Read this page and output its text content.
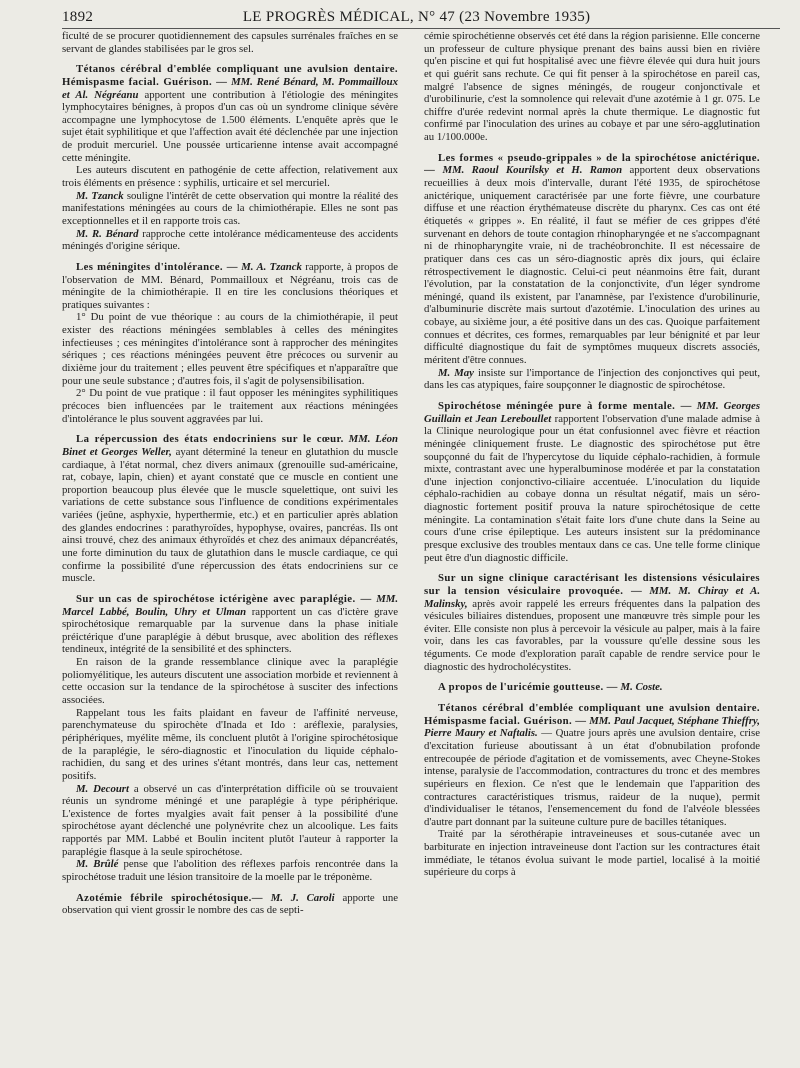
1892	LE PROGRÈS MÉDICAL, N° 47 (23 Novembre 1935)

ficulté de se procurer quotidiennement des capsules surrénales fraîches en se servant de glandes stabilisées par le gros sel.

Tétanos cérébral d'emblée compliquant une avulsion dentaire. Hémispasme facial. Guérison. — MM. René Bénard, M. Pommailloux et Al. Négréanu apportent une contribution à l'étiologie des méningites lymphocytaires bénignes, à propos d'un cas où un syndrome clinique sévère accompagne une lymphocytose de 1.500 éléments. L'enquête après que le sujet était syphilitique et que l'affection avait été déclenchée par une injection de produit mercuriel. Une poussée urticarienne intense avait accompagné cette méningite.

Les auteurs discutent en pathogénie de cette affection, relativement aux trois éléments en présence : syphilis, urticaire et sel mercuriel.

M. Tzanck souligne l'intérêt de cette observation qui montre la réalité des manifestations méningées au cours de la chimiothérapie. Elles ne sont pas exceptionnelles et il en rapporte trois cas.

M. R. Bénard rapproche cette intolérance médicamenteuse des accidents méningés d'origine sérique.

Les méningites d'intolérance. — M. A. Tzanck rapporte, à propos de l'observation de MM. Bénard, Pommailloux et Négréanu, trois cas de méningite de la chimiothérapie. Il en tire les conclusions théoriques et pratiques suivantes :

1° Du point de vue théorique : au cours de la chimiothérapie, il peut exister des réactions méningées semblables à celles des méningites infectieuses ; ces méningites d'intolérance sont à rapprocher des méningites sériques ; ces réactions méningées peuvent être précoces ou survenir au dixième jour du traitement ; elles peuvent être spécifiques et n'apparaître que pour une seule substance ; d'autres fois, il s'agit de polysensibilisation.

2° Du point de vue pratique : il faut opposer les méningites syphilitiques précoces bien influencées par le traitement aux réactions méningées d'intolérance le plus souvent aggravées par lui.

La répercussion des états endocriniens sur le cœur. MM. Léon Binet et Georges Weller, ayant déterminé la teneur en glutathion du muscle cardiaque, à l'état normal, chez divers animaux (grenouille sud-américaine, rat, cobaye, lapin, chien) et ayant constaté que ce muscle en contient une proportion beaucoup plus élevée que le muscle squelettique, ont suivi les variations de cette substance sous l'influence de conditions expérimentales variées (jeûne, asphyxie, hyperthermie, etc.) et en particulier après ablation des glandes endocrines : parathyroïdes, hypophyse, ovaires, pancréas. Ils ont ainsi trouvé, chez des animaux éthyroïdés et chez des animaux dépancréatés, une forte diminution du taux de glutathion dans le muscle cardiaque, ce qui confirme la possibilité d'une répercussion des états endocriniens sur ce muscle.

Sur un cas de spirochétose ictérigène avec paraplégie. — MM. Marcel Labbé, Boulin, Uhry et Ulman rapportent un cas d'ictère grave spirochétosique remarquable par la survenue dans la phase initiale préictérique d'une paraplégie à début brusque, avec abolition des réflexes tendineux, intégrité de la sensibilité et des sphincters.

En raison de la grande ressemblance clinique avec la paraplégie poliomyélitique, les auteurs discutent une association morbide et reviennent à cette occasion sur la tendance de la spirochétose à susciter des infections associées.

Rappelant tous les faits plaidant en faveur de l'affinité nerveuse, parenchymateuse du spirochète d'Inada et Ido : aréflexie, paralysies, périphériques, myélite même, ils concluent plutôt à l'origine spirochétosique de la paraplégie, le séro-diagnostic et l'inoculation du liquide céphalo-rachidien, du sang et des urines s'étant montrés, dans leur cas, nettement positifs.

M. Decourt a observé un cas d'interprétation difficile où se trouvaient réunis un syndrome méningé et une paraplégie à type périphérique. L'existence de fortes myalgies avait fait penser à la possibilité d'une spirochétose ayant déclenché une polynévrite chez un alcoolique. Les faits rapportés par MM. Labbé et Boulin incitent plutôt l'auteur à rapporter la paraplégie flasque à la seule spirochétose.

M. Brûlé pense que l'abolition des réflexes parfois rencontrée dans la spirochétose traduit une lésion transitoire de la moelle par le tréponème.

Azotémie fébrile spirochétosique.— M. J. Caroli apporte une observation qui vient grossir le nombre des cas de septi-

cémie spirochétienne observés cet été dans la région parisienne. Elle concerne un professeur de culture physique prenant des bains aussi bien en rivière qu'en piscine et qui fut hospitalisé avec une fièvre élevée qui dura huit jours et qui guérit sans rechute. Ce qui fit penser à la spirochétose en pareil cas, malgré l'absence de signes méningés, de rougeur conjonctivale et d'urobilinurie, c'est la somnolence qui relevait d'une azotémie à 1 gr. 075. Le chiffre d'urée redevint normal après la chute thermique. Le diagnostic fut confirmé par l'inoculation des urines au cobaye et par une séro-agglutination au 1/100.000e.

Les formes « pseudo-grippales » de la spirochétose anictérique. — MM. Raoul Kourilsky et H. Ramon apportent deux observations recueillies à deux mois d'intervalle, durant l'été 1935, de spirochétose anictérique, uniquement caractérisée par une forte fièvre, une courbature diffuse et une réaction érythémateuse discrète du pharynx. Ces cas ont été étiquetés « grippes ». En réalité, il faut se méfier de ces grippes d'été survenant en dehors de toute contagion rhinopharyngée et ne s'accompagnant ni de rhinopharyngite vraie, ni de trachéobronchite. Il est nécessaire de pratiquer dans ces cas un séro-diagnostic après dix jours, qui éclaire rétrospectivement le diagnostic. Celui-ci peut néanmoins être fait, durant l'évolution, par la constatation de la conjonctivite, d'un léger syndrome méningé, quand ils existent, par l'anamnèse, par l'existence d'urobilinurie, d'albuminurie discrète mais surtout d'azotémie. L'inoculation des urines au cobaye, au sixième jour, a été positive dans un des cas. Quoique parfaitement connues et décrites, ces formes, remarquables par leur bénignité et par leur difficulté diagnostique du fait de symptômes muqueux discrets associés, méritent d'être connues.

M. May insiste sur l'importance de l'injection des conjonctives qui peut, dans les cas atypiques, faire soupçonner le diagnostic de spirochétose.

Spirochétose méningée pure à forme mentale. — MM. Georges Guillain et Jean Lereboullet rapportent l'observation d'une malade admise à la Clinique neurologique pour un état confusionnel avec fièvre et réaction méningée cliniquement fruste. Le diagnostic des spirochétose put être soupçonné du fait de l'hypercytose du liquide céphalo-rachidien, à formule mixte, contrastant avec une hyperalbuminose modérée et par la constatation d'une injection conjonctivo-ciliaire accentuée. L'inoculation du liquide céphalo-rachidien au cobaye donna un résultat négatif, mais un séro-diagnostic fortement positif prouva la nature spirochétosique de cette méningite. La contamination s'était faite lors d'une chute dans la Seine au cours d'une crise épileptique. Les auteurs insistent sur la prédominance presque exclusive des troubles mentaux dans ce cas. Une telle forme clinique peut être d'un diagnostic difficile.

Sur un signe clinique caractérisant les distensions vésiculaires sur la tension vésiculaire provoquée. — MM. M. Chiray et A. Malinsky, après avoir rappelé les erreurs fréquentes dans la palpation des vésicules biliaires distendues, proposent une manœuvre très simple pour les éviter. Elle consiste non plus à percevoir la vésicule au palper, mais à la faire voir, dans les cas favorables, par la voussure qu'elle dessine sous les téguments. Ce mode d'exploration paraît capable de rendre service pour le diagnostic des hydrocholécystites.

A propos de l'uricémie goutteuse. — M. Coste.

Tétanos cérébral d'emblée compliquant une avulsion dentaire. Hémispasme facial. Guérison. — MM. Paul Jacquet, Stéphane Thieffry, Pierre Maury et Naftalis. — Quatre jours après une avulsion dentaire, crise d'excitation furieuse aboutissant à un état d'obnubilation profonde entrecoupée de période d'agitation et de vomissements, avec Cheyne-Stokes intense, paralysie de l'accommodation, contractures du tronc et des membres supérieurs en flexion. Ce n'est que le lendemain que l'apparition des contractures caractéristiques trismus, raideur de la nuque), permit d'individualiser le tétanos, l'ensemencement du fond de l'alvéole blessées d'autre part donnant par la suiteune culture pure de bacilles tétaniques.

Traité par la sérothérapie intraveineuses et sous-cutanée avec un barbiturate en injection intraveineuse dont l'action sur les contractures était immédiate, le tétanos évolua suivant le mode partiel, localisé à la moitié supérieure du corps à
